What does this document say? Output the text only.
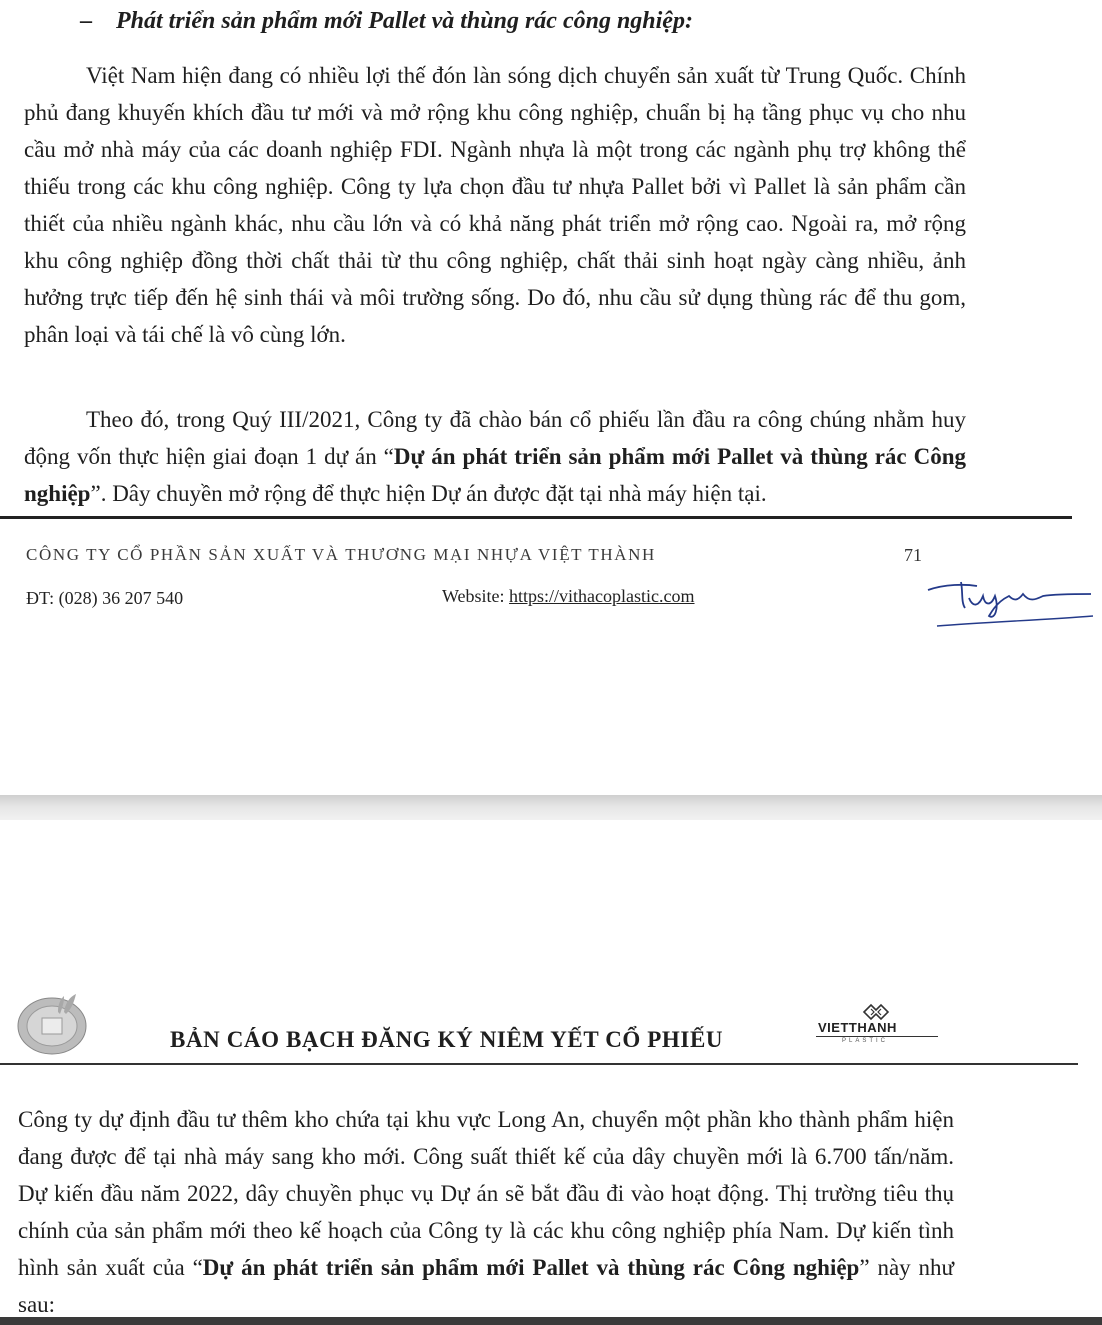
– Phát triển sản phẩm mới Pallet và thùng rác công nghiệp:

Việt Nam hiện đang có nhiều lợi thế đón làn sóng dịch chuyển sản xuất từ Trung Quốc. Chính phủ đang khuyến khích đầu tư mới và mở rộng khu công nghiệp, chuẩn bị hạ tầng phục vụ cho nhu cầu mở nhà máy của các doanh nghiệp FDI. Ngành nhựa là một trong các ngành phụ trợ không thể thiếu trong các khu công nghiệp. Công ty lựa chọn đầu tư nhựa Pallet bởi vì Pallet là sản phẩm cần thiết của nhiều ngành khác, nhu cầu lớn và có khả năng phát triển mở rộng cao. Ngoài ra, mở rộng khu công nghiệp đồng thời chất thải từ thu công nghiệp, chất thải sinh hoạt ngày càng nhiều, ảnh hưởng trực tiếp đến hệ sinh thái và môi trường sống. Do đó, nhu cầu sử dụng thùng rác để thu gom, phân loại và tái chế là vô cùng lớn.

Theo đó, trong Quý III/2021, Công ty đã chào bán cổ phiếu lần đầu ra công chúng nhằm huy động vốn thực hiện giai đoạn 1 dự án “Dự án phát triển sản phẩm mới Pallet và thùng rác Công nghiệp”. Dây chuyền mở rộng để thực hiện Dự án được đặt tại nhà máy hiện tại.

CÔNG TY CỔ PHẦN SẢN XUẤT VÀ THƯƠNG MẠI NHỰA VIỆT THÀNH	71
ĐT: (028) 36 207 540	Website: https://vithacoplastic.com
BẢN CÁO BẠCH ĐĂNG KÝ NIÊM YẾT CỔ PHIẾU	VIETTHANH
PLASTIC

Công ty dự định đầu tư thêm kho chứa tại khu vực Long An, chuyển một phần kho thành phẩm hiện đang được để tại nhà máy sang kho mới. Công suất thiết kế của dây chuyền mới là 6.700 tấn/năm. Dự kiến đầu năm 2022, dây chuyền phục vụ Dự án sẽ bắt đầu đi vào hoạt động. Thị trường tiêu thụ chính của sản phẩm mới theo kế hoạch của Công ty là các khu công nghiệp phía Nam. Dự kiến tình hình sản xuất của “Dự án phát triển sản phẩm mới Pallet và thùng rác Công nghiệp” này như sau:
